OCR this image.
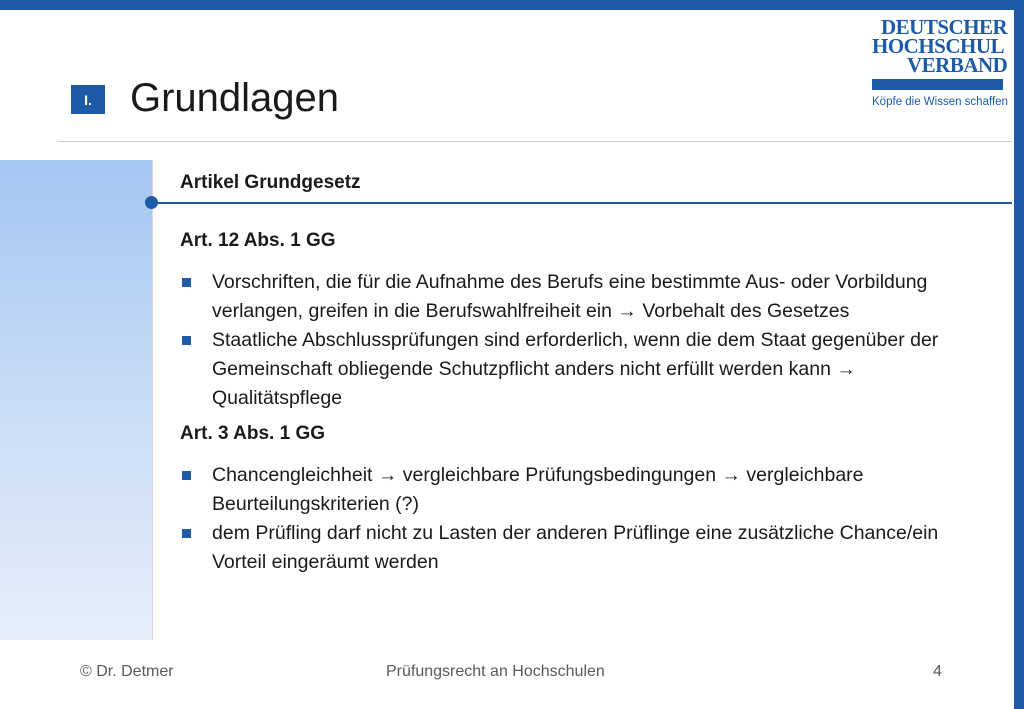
DEUTSCHER
HOCHSCHUL
VERBAND
Köpfe die Wissen schaffen
I. Grundlagen
Artikel Grundgesetz
Art. 12 Abs. 1 GG
Vorschriften, die für die Aufnahme des Berufs eine bestimmte Aus- oder Vorbildung verlangen, greifen in die Berufswahlfreiheit ein → Vorbehalt des Gesetzes
Staatliche Abschlussprüfungen sind erforderlich, wenn die dem Staat gegenüber der Gemeinschaft obliegende Schutzpflicht anders nicht erfüllt werden kann → Qualitätspflege
Art. 3 Abs. 1 GG
Chancengleichheit → vergleichbare Prüfungsbedingungen → vergleichbare Beurteilungskriterien (?)
dem Prüfling darf nicht zu Lasten der anderen Prüflinge eine zusätzliche Chance/ein Vorteil eingeräumt werden
© Dr. Detmer	Prüfungsrecht an Hochschulen	4
